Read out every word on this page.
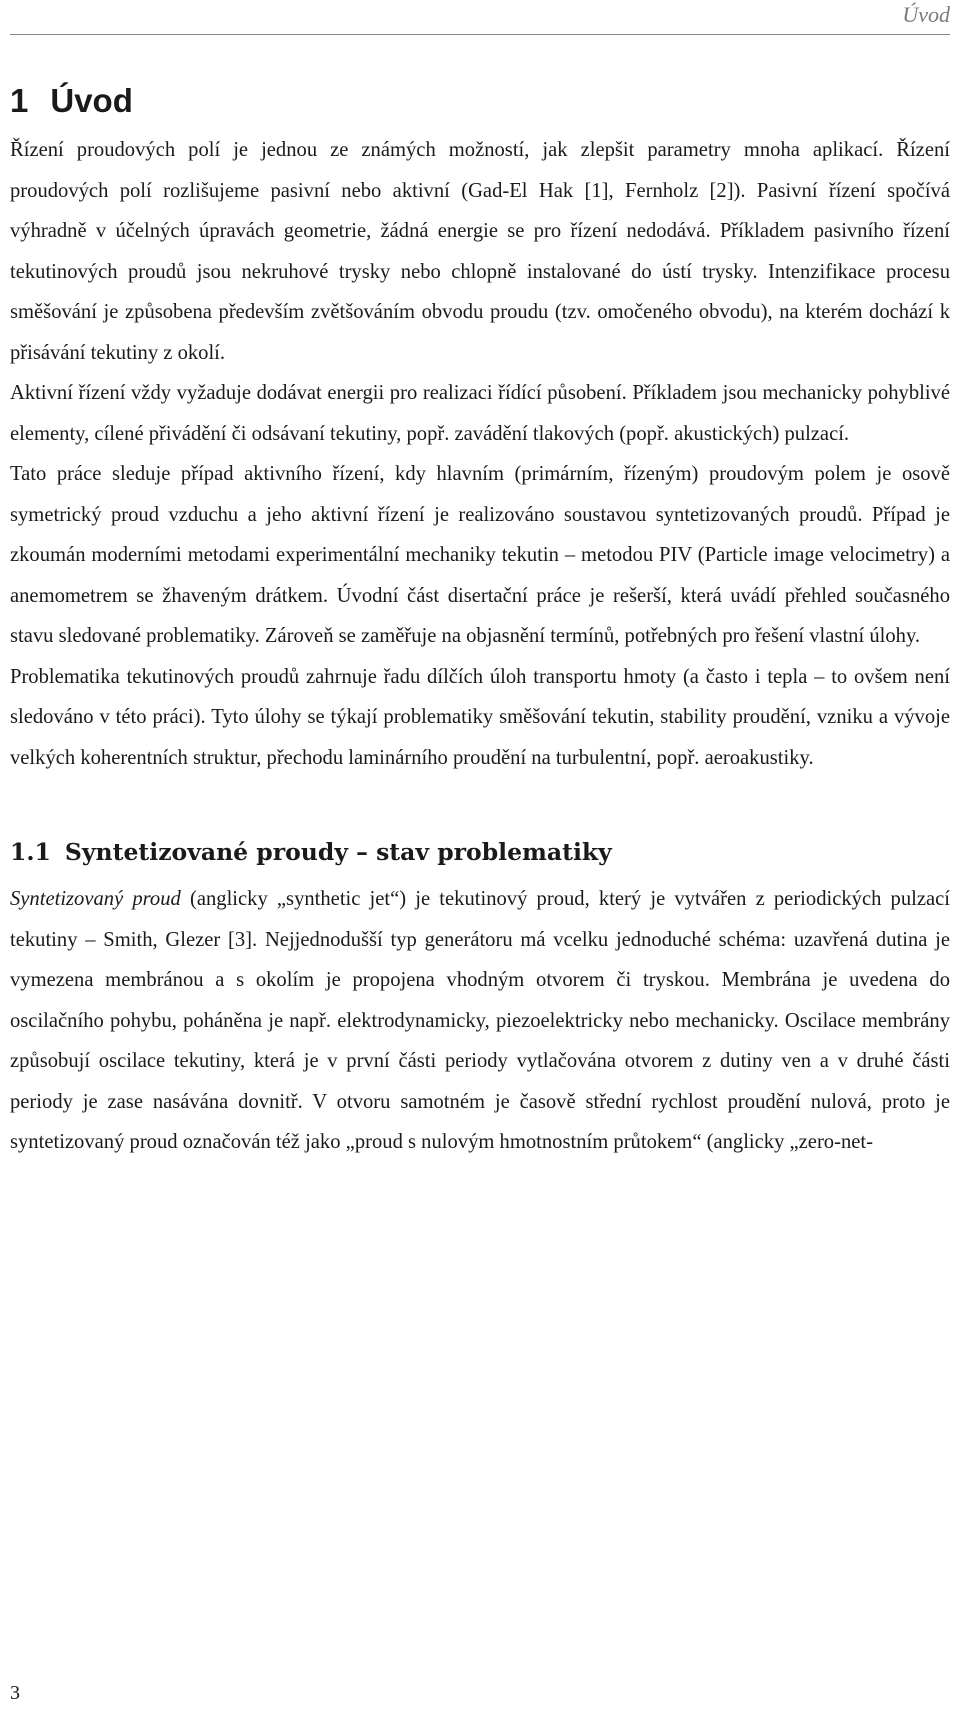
Úvod
1 Úvod

Řízení proudových polí je jednou ze známých možností, jak zlepšit parametry mnoha aplikací. Řízení proudových polí rozlišujeme pasivní nebo aktivní (Gad-El Hak [1], Fernholz [2]). Pasivní řízení spočívá výhradně v účelných úpravách geometrie, žádná energie se pro řízení nedodává. Příkladem pasivního řízení tekutinových proudů jsou nekruhové trysky nebo chlopně instalované do ústí trysky. Intenzifikace procesu směšování je způsobena především zvětšováním obvodu proudu (tzv. omočeného obvodu), na kterém dochází k přisávání tekutiny z okolí.

Aktivní řízení vždy vyžaduje dodávat energii pro realizaci řídící působení. Příkladem jsou mechanicky pohyblivé elementy, cílené přivádění či odsávaní tekutiny, popř. zavádění tlakových (popř. akustických) pulzací.

Tato práce sleduje případ aktivního řízení, kdy hlavním (primárním, řízeným) proudovým polem je osově symetrický proud vzduchu a jeho aktivní řízení je realizováno soustavou syntetizovaných proudů. Případ je zkoumán moderními metodami experimentální mechaniky tekutin – metodou PIV (Particle image velocimetry) a anemometrem se žhaveným drátkem. Úvodní část disertační práce je rešerší, která uvádí přehled současného stavu sledované problematiky. Zároveň se zaměřuje na objasnění termínů, potřebných pro řešení vlastní úlohy.

Problematika tekutinových proudů zahrnuje řadu dílčích úloh transportu hmoty (a často i tepla – to ovšem není sledováno v této práci). Tyto úlohy se týkají problematiky směšování tekutin, stability proudění, vzniku a vývoje velkých koherentních struktur, přechodu laminárního proudění na turbulentní, popř. aeroakustiky.

1.1 Syntetizované proudy – stav problematiky

Syntetizovaný proud (anglicky „synthetic jet“) je tekutinový proud, který je vytvářen z periodických pulzací tekutiny – Smith, Glezer [3]. Nejjednodušší typ generátoru má vcelku jednoduché schéma: uzavřená dutina je vymezena membránou a s okolím je propojena vhodným otvorem či tryskou. Membrána je uvedena do oscilačního pohybu, poháněna je např. elektrodynamicky, piezoelektricky nebo mechanicky. Oscilace membrány způsobují oscilace tekutiny, která je v první části periody vytlačována otvorem z dutiny ven a v druhé části periody je zase nasávána dovnitř. V otvoru samotném je časově střední rychlost proudění nulová, proto je syntetizovaný proud označován též jako „proud s nulovým hmotnostním průtokem“ (anglicky „zero-net-

3
